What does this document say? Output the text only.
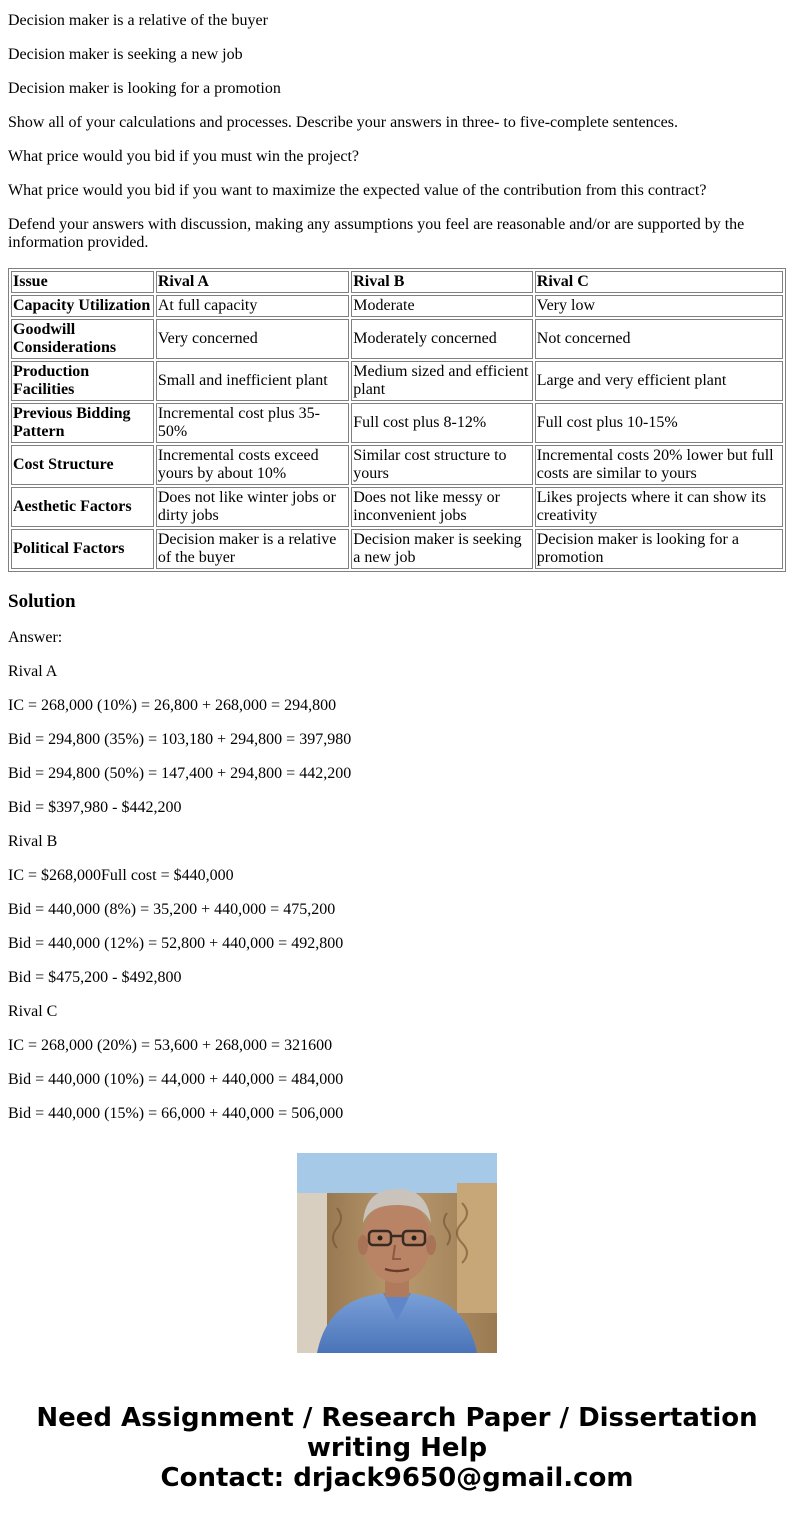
Decision maker is a relative of the buyer

Decision maker is seeking a new job

Decision maker is looking for a promotion

Show all of your calculations and processes. Describe your answers in three- to five-complete sentences.

What price would you bid if you must win the project?

What price would you bid if you want to maximize the expected value of the contribution from this contract?

Defend your answers with discussion, making any assumptions you feel are reasonable and/or are supported by the information provided.

Issue	Rival A	Rival B	Rival C
Capacity Utilization	At full capacity	Moderate	Very low
Goodwill Considerations	Very concerned	Moderately concerned	Not concerned
Production Facilities	Small and inefficient plant	Medium sized and efficient plant	Large and very efficient plant
Previous Bidding Pattern	Incremental cost plus 35-50%	Full cost plus 8-12%	Full cost plus 10-15%
Cost Structure	Incremental costs exceed yours by about 10%	Similar cost structure to yours	Incremental costs 20% lower but full costs are similar to yours
Aesthetic Factors	Does not like winter jobs or dirty jobs	Does not like messy or inconvenient jobs	Likes projects where it can show its creativity
Political Factors	Decision maker is a relative of the buyer	Decision maker is seeking a new job	Decision maker is looking for a promotion
Solution

Answer:

Rival A

IC = 268,000 (10%) = 26,800 + 268,000 = 294,800

Bid = 294,800 (35%) = 103,180 + 294,800 = 397,980

Bid = 294,800 (50%) = 147,400 + 294,800 = 442,200

Bid = $397,980 - $442,200

Rival B

IC = $268,000Full cost = $440,000

Bid = 440,000 (8%) = 35,200 + 440,000 = 475,200

Bid = 440,000 (12%) = 52,800 + 440,000 = 492,800

Bid = $475,200 - $492,800

Rival C

IC = 268,000 (20%) = 53,600 + 268,000 = 321600

Bid = 440,000 (10%) = 44,000 + 440,000 = 484,000

Bid = 440,000 (15%) = 66,000 + 440,000 = 506,000

Need Assignment / Research Paper / Dissertation
writing Help
Contact: drjack9650@gmail.com
